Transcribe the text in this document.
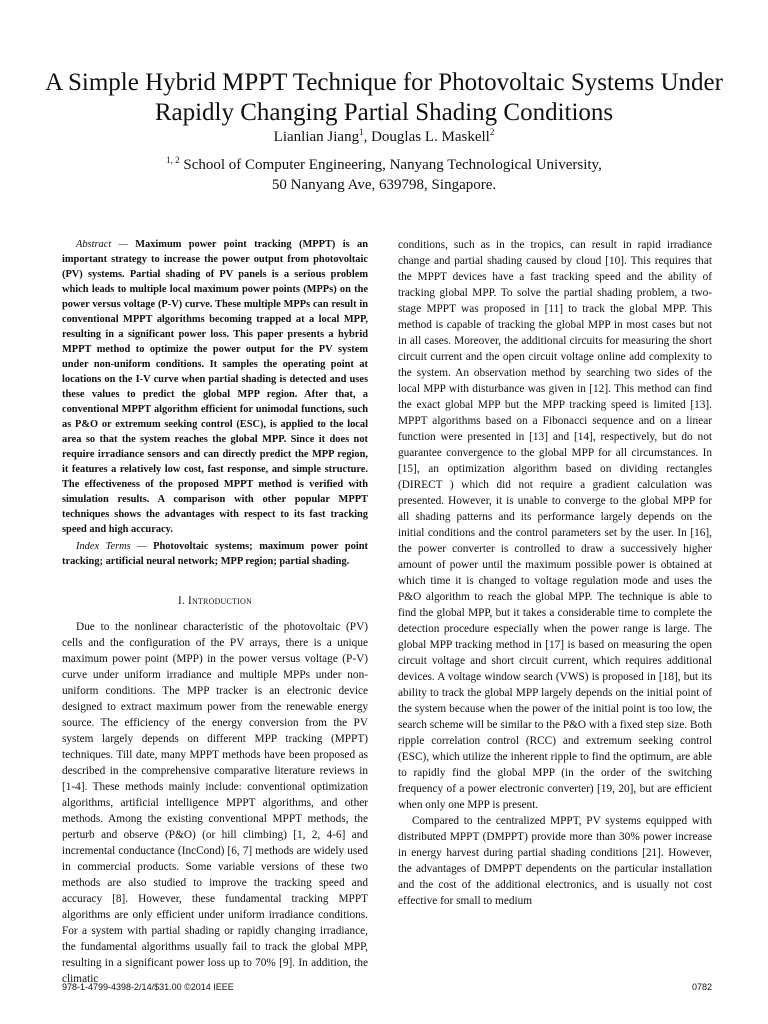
A Simple Hybrid MPPT Technique for Photovoltaic Systems Under Rapidly Changing Partial Shading Conditions
Lianlian Jiang$^1$, Douglas L. Maskell$^2$
$^{1, 2}$ School of Computer Engineering, Nanyang Technological University,
50 Nanyang Ave, 639798, Singapore.

Abstract — Maximum power point tracking (MPPT) is an important strategy to increase the power output from photovoltaic (PV) systems. Partial shading of PV panels is a serious problem which leads to multiple local maximum power points (MPPs) on the power versus voltage (P-V) curve. These multiple MPPs can result in conventional MPPT algorithms becoming trapped at a local MPP, resulting in a significant power loss. This paper presents a hybrid MPPT method to optimize the power output for the PV system under non-uniform conditions. It samples the operating point at locations on the I-V curve when partial shading is detected and uses these values to predict the global MPP region. After that, a conventional MPPT algorithm efficient for unimodal functions, such as P&O or extremum seeking control (ESC), is applied to the local area so that the system reaches the global MPP. Since it does not require irradiance sensors and can directly predict the MPP region, it features a relatively low cost, fast response, and simple structure. The effectiveness of the proposed MPPT method is verified with simulation results. A comparison with other popular MPPT techniques shows the advantages with respect to its fast tracking speed and high accuracy.

Index Terms — Photovoltaic systems; maximum power point tracking; artificial neural network; MPP region; partial shading.

I. Introduction

Due to the nonlinear characteristic of the photovoltaic (PV) cells and the configuration of the PV arrays, there is a unique maximum power point (MPP) in the power versus voltage (P-V) curve under uniform irradiance and multiple MPPs under non-uniform conditions. The MPP tracker is an electronic device designed to extract maximum power from the renewable energy source. The efficiency of the energy conversion from the PV system largely depends on different MPP tracking (MPPT) techniques. Till date, many MPPT methods have been proposed as described in the comprehensive comparative literature reviews in [1-4]. These methods mainly include: conventional optimization algorithms, artificial intelligence MPPT algorithms, and other methods. Among the existing conventional MPPT methods, the perturb and observe (P&O) (or hill climbing) [1, 2, 4-6] and incremental conductance (IncCond) [6, 7] methods are widely used in commercial products. Some variable versions of these two methods are also studied to improve the tracking speed and accuracy [8]. However, these fundamental tracking MPPT algorithms are only efficient under uniform irradiance conditions. For a system with partial shading or rapidly changing irradiance, the fundamental algorithms usually fail to track the global MPP, resulting in a significant power loss up to 70% [9]. In addition, the climatic

conditions, such as in the tropics, can result in rapid irradiance change and partial shading caused by cloud [10]. This requires that the MPPT devices have a fast tracking speed and the ability of tracking global MPP. To solve the partial shading problem, a two-stage MPPT was proposed in [11] to track the global MPP. This method is capable of tracking the global MPP in most cases but not in all cases. Moreover, the additional circuits for measuring the short circuit current and the open circuit voltage online add complexity to the system. An observation method by searching two sides of the local MPP with disturbance was given in [12]. This method can find the exact global MPP but the MPP tracking speed is limited [13]. MPPT algorithms based on a Fibonacci sequence and on a linear function were presented in [13] and [14], respectively, but do not guarantee convergence to the global MPP for all circumstances. In [15], an optimization algorithm based on dividing rectangles (DIRECT ) which did not require a gradient calculation was presented. However, it is unable to converge to the global MPP for all shading patterns and its performance largely depends on the initial conditions and the control parameters set by the user. In [16], the power converter is controlled to draw a successively higher amount of power until the maximum possible power is obtained at which time it is changed to voltage regulation mode and uses the P&O algorithm to reach the global MPP. The technique is able to find the global MPP, but it takes a considerable time to complete the detection procedure especially when the power range is large. The global MPP tracking method in [17] is based on measuring the open circuit voltage and short circuit current, which requires additional devices. A voltage window search (VWS) is proposed in [18], but its ability to track the global MPP largely depends on the initial point of the system because when the power of the initial point is too low, the search scheme will be similar to the P&O with a fixed step size. Both ripple correlation control (RCC) and extremum seeking control (ESC), which utilize the inherent ripple to find the optimum, are able to rapidly find the global MPP (in the order of the switching frequency of a power electronic converter) [19, 20], but are efficient when only one MPP is present.

Compared to the centralized MPPT, PV systems equipped with distributed MPPT (DMPPT) provide more than 30% power increase in energy harvest during partial shading conditions [21]. However, the advantages of DMPPT dependents on the particular installation and the cost of the additional electronics, and is usually not cost effective for small to medium

978-1-4799-4398-2/14/$31.00 ©2014 IEEE	0782
